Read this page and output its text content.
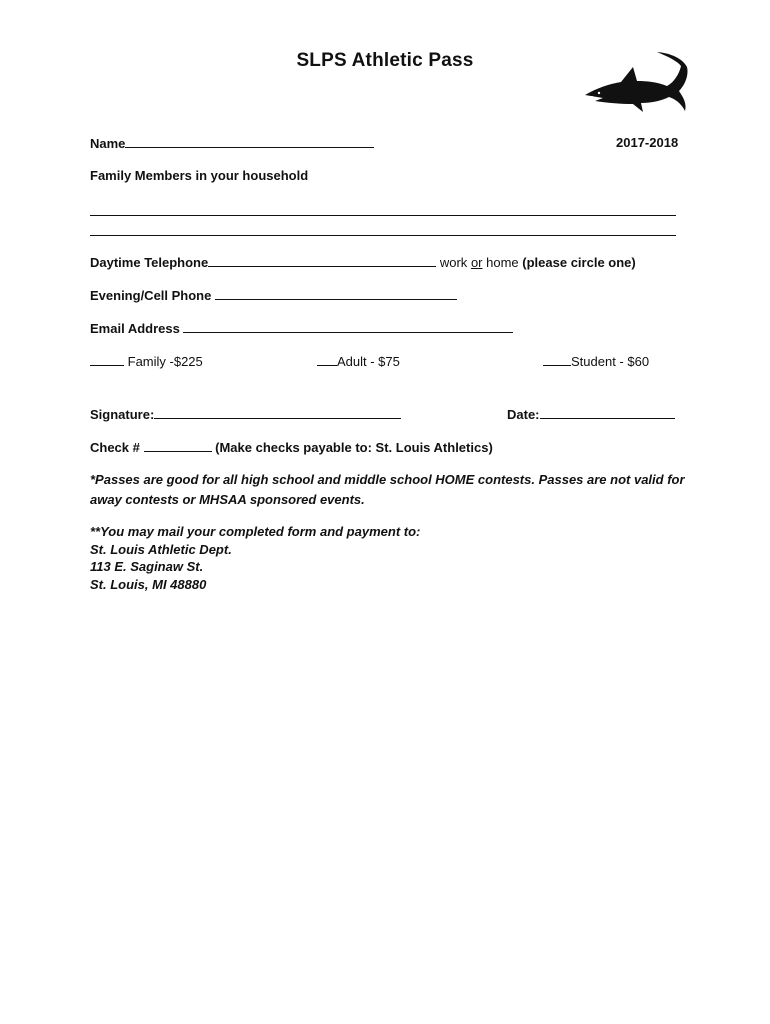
SLPS Athletic Pass
Name	2017-2018
Family Members in your household
Daytime Telephone	work or home (please circle one)
Evening/Cell Phone
Email Address
Family -$225	Adult - $75	Student - $60
Signature:	Date:
Check #	(Make checks payable to: St. Louis Athletics)
*Passes are good for all high school and middle school HOME contests. Passes are not valid for away contests or MHSAA sponsored events.
**You may mail your completed form and payment to:
St. Louis Athletic Dept.
113 E. Saginaw St.
St. Louis, MI 48880
